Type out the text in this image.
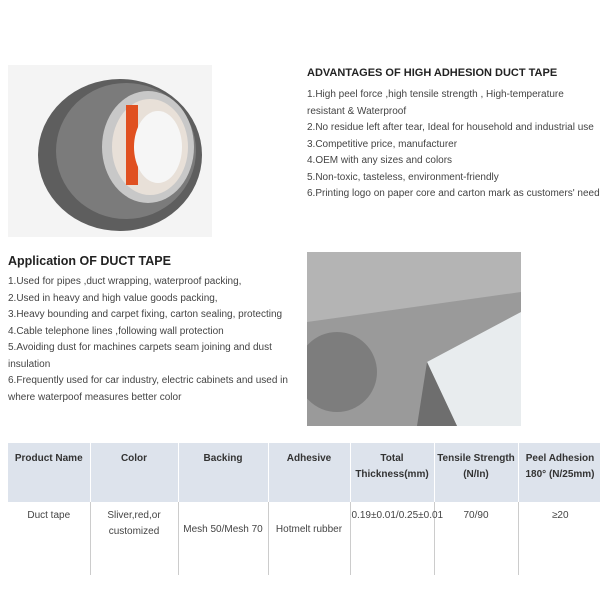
ADVANTAGES OF HIGH ADHESION DUCT TAPE
1.High peel force ,high tensile strength , High-temperature resistant & Waterproof
2.No residue left after tear, Ideal for household and industrial use
3.Competitive price, manufacturer
4.OEM with any sizes and colors
5.Non-toxic, tasteless, environment-friendly
6.Printing logo on paper core and carton mark as customers' need
Application OF DUCT TAPE
1.Used for pipes ,duct wrapping, waterproof packing,
2.Used in heavy and high value goods packing,
3.Heavy bounding and carpet fixing, carton sealing, protecting
4.Cable telephone lines ,following wall protection
5.Avoiding dust for machines carpets seam joining and dust insulation
6.Frequently used for car industry, electric cabinets and used in where waterpoof measures better color
Product Name	Color	Backing	Adhesive	Total Thickness(mm)	Tensile Strength (N/In)	Peel Adhesion 180° (N/25mm)
Duct tape	Sliver,red,or customized	Mesh 50/Mesh 70	Hotmelt rubber	0.19±0.01/0.25±0.01	70/90	≥20
